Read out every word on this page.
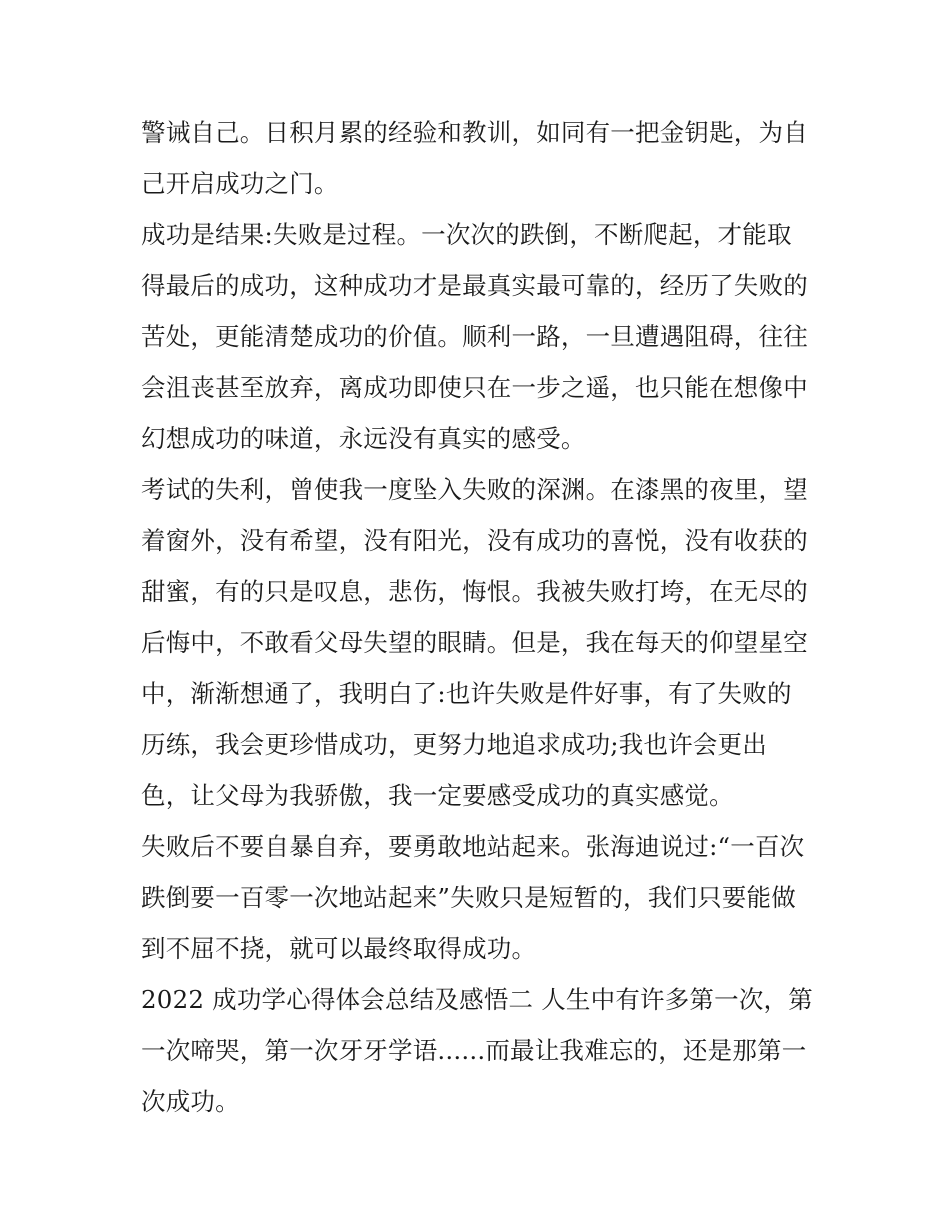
警诫自己。日积月累的经验和教训，如同有一把金钥匙，为自
己开启成功之门。
成功是结果:失败是过程。一次次的跌倒，不断爬起，才能取
得最后的成功，这种成功才是最真实最可靠的，经历了失败的
苦处，更能清楚成功的价值。顺利一路，一旦遭遇阻碍，往往
会沮丧甚至放弃，离成功即使只在一步之遥，也只能在想像中
幻想成功的味道，永远没有真实的感受。
考试的失利，曾使我一度坠入失败的深渊。在漆黑的夜里，望
着窗外，没有希望，没有阳光，没有成功的喜悦，没有收获的
甜蜜，有的只是叹息，悲伤，悔恨。我被失败打垮，在无尽的
后悔中，不敢看父母失望的眼睛。但是，我在每天的仰望星空
中，渐渐想通了，我明白了:也许失败是件好事，有了失败的
历练，我会更珍惜成功，更努力地追求成功;我也许会更出
色，让父母为我骄傲，我一定要感受成功的真实感觉。
失败后不要自暴自弃，要勇敢地站起来。张海迪说过:“一百次
跌倒要一百零一次地站起来”失败只是短暂的，我们只要能做
到不屈不挠，就可以最终取得成功。
2022 成功学心得体会总结及感悟二 人生中有许多第一次，第
一次啼哭，第一次牙牙学语......而最让我难忘的，还是那第一
次成功。
